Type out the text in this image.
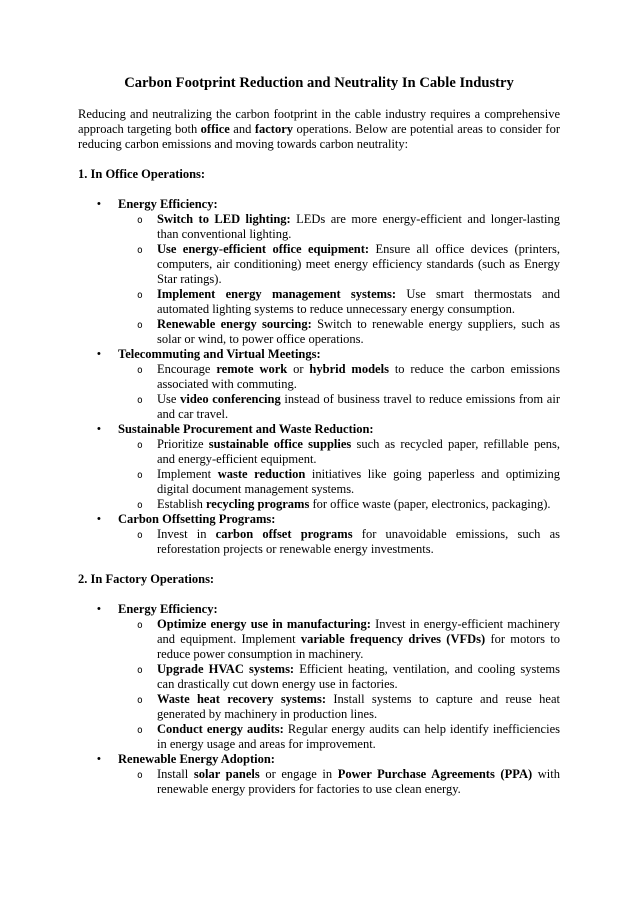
Carbon Footprint Reduction and Neutrality In Cable Industry

Reducing and neutralizing the carbon footprint in the cable industry requires a comprehensive approach targeting both office and factory operations. Below are potential areas to consider for reducing carbon emissions and moving towards carbon neutrality:

1. In Office Operations:
• Energy Efficiency:
o Switch to LED lighting: LEDs are more energy-efficient and longer-lasting than conventional lighting.
o Use energy-efficient office equipment: Ensure all office devices (printers, computers, air conditioning) meet energy efficiency standards (such as Energy Star ratings).
o Implement energy management systems: Use smart thermostats and automated lighting systems to reduce unnecessary energy consumption.
o Renewable energy sourcing: Switch to renewable energy suppliers, such as solar or wind, to power office operations.
• Telecommuting and Virtual Meetings:
o Encourage remote work or hybrid models to reduce the carbon emissions associated with commuting.
o Use video conferencing instead of business travel to reduce emissions from air and car travel.
• Sustainable Procurement and Waste Reduction:
o Prioritize sustainable office supplies such as recycled paper, refillable pens, and energy-efficient equipment.
o Implement waste reduction initiatives like going paperless and optimizing digital document management systems.
o Establish recycling programs for office waste (paper, electronics, packaging).
• Carbon Offsetting Programs:
o Invest in carbon offset programs for unavoidable emissions, such as reforestation projects or renewable energy investments.
2. In Factory Operations:
• Energy Efficiency:
o Optimize energy use in manufacturing: Invest in energy-efficient machinery and equipment. Implement variable frequency drives (VFDs) for motors to reduce power consumption in machinery.
o Upgrade HVAC systems: Efficient heating, ventilation, and cooling systems can drastically cut down energy use in factories.
o Waste heat recovery systems: Install systems to capture and reuse heat generated by machinery in production lines.
o Conduct energy audits: Regular energy audits can help identify inefficiencies in energy usage and areas for improvement.
• Renewable Energy Adoption:
o Install solar panels or engage in Power Purchase Agreements (PPA) with renewable energy providers for factories to use clean energy.
